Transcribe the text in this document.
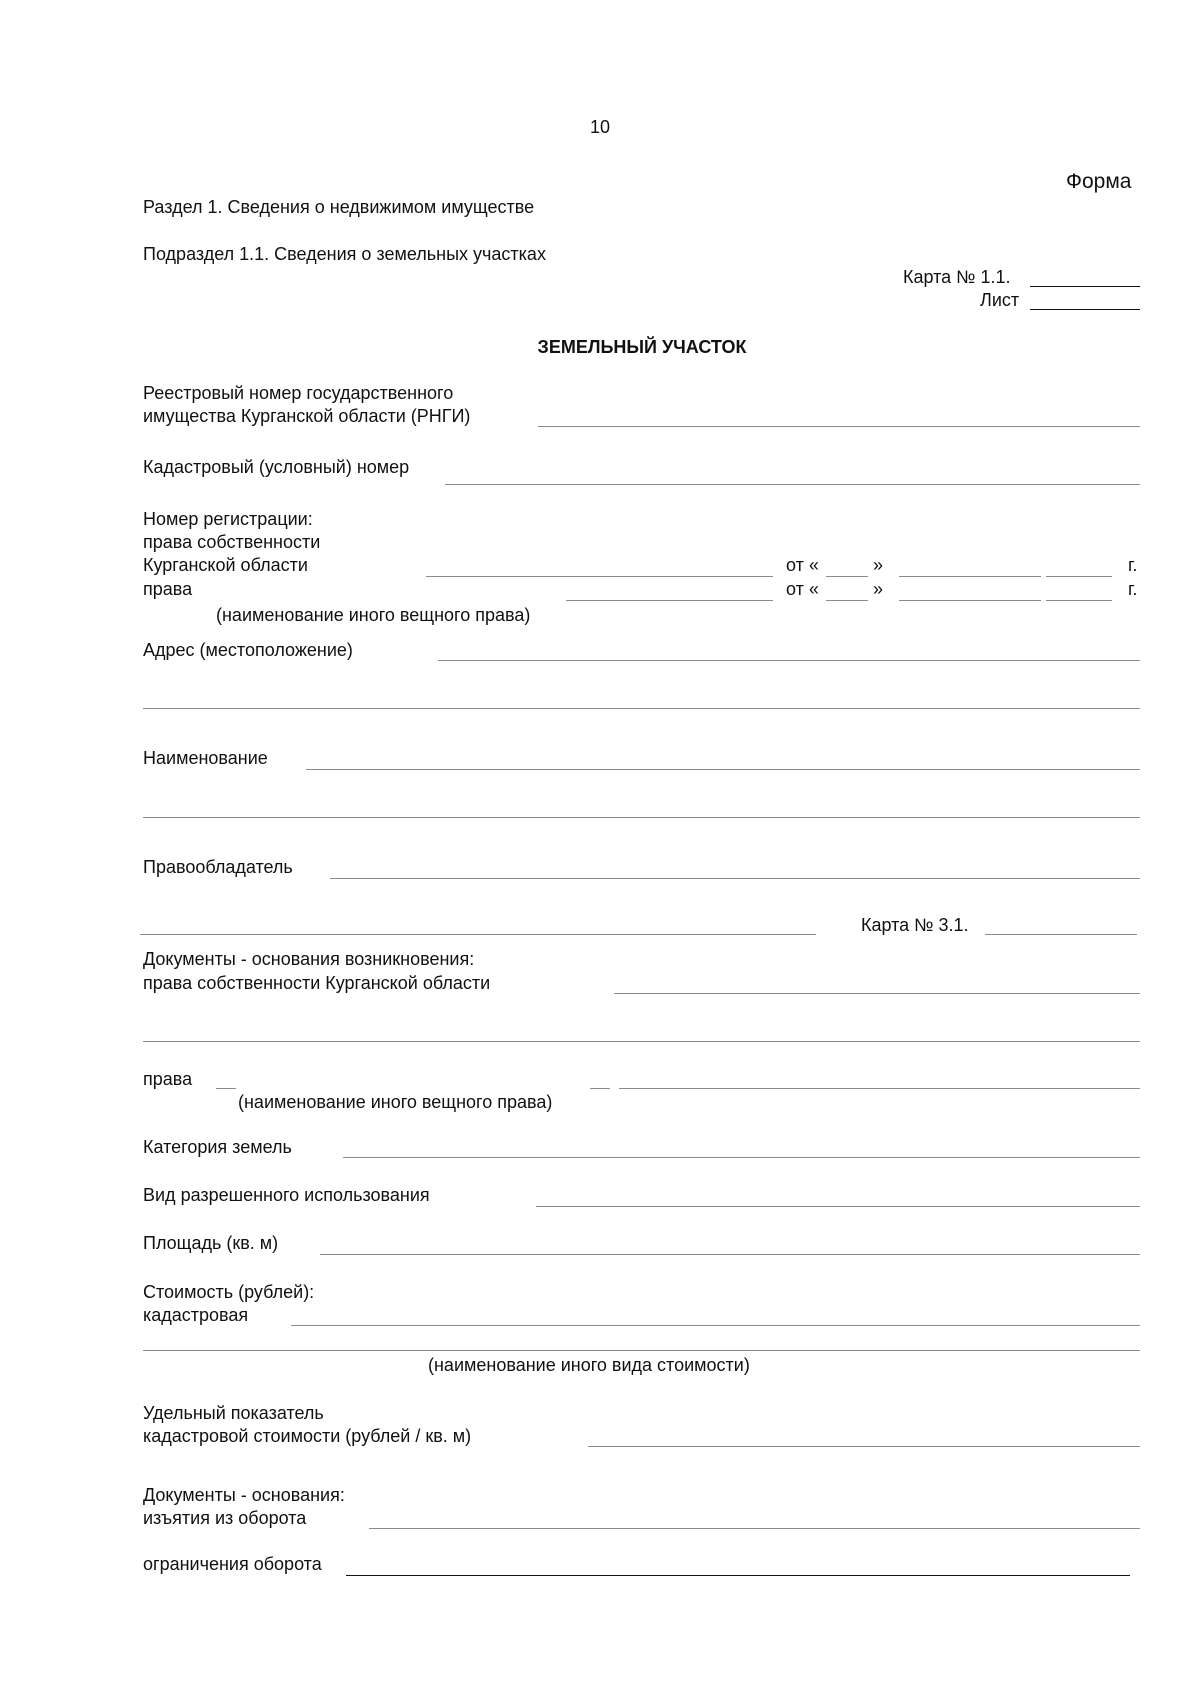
10
Форма
Раздел 1. Сведения о недвижимом имуществе
Подраздел 1.1. Сведения о земельных участках
Карта № 1.1.
Лист
ЗЕМЕЛЬНЫЙ УЧАСТОК
Реестровый номер государственного
имущества Курганской области (РНГИ)
Кадастровый (условный) номер
Номер регистрации:
права собственности
Курганской области	от «	»	г.
права	от «	»	г.
(наименование иного вещного права)
Адрес (местоположение)
Наименование
Правообладатель
Карта № 3.1.
Документы - основания возникновения:
права собственности Курганской области
права
(наименование иного вещного права)
Категория земель
Вид разрешенного использования
Площадь (кв. м)
Стоимость (рублей):
кадастровая
(наименование иного вида стоимости)
Удельный показатель
кадастровой стоимости (рублей / кв. м)
Документы - основания:
изъятия из оборота
ограничения оборота
